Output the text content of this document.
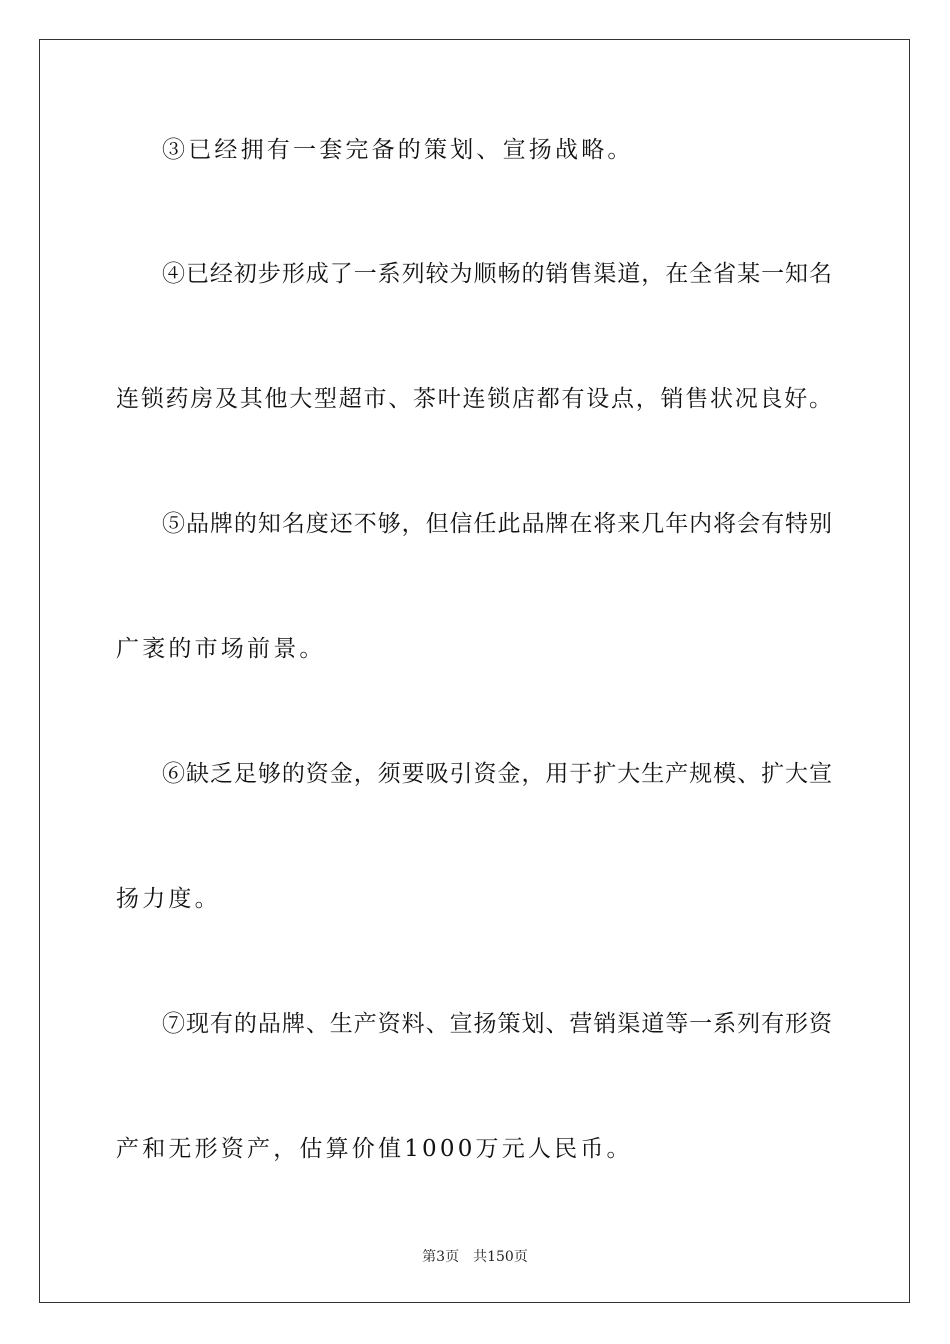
③已经拥有一套完备的策划、宣扬战略。
④已经初步形成了一系列较为顺畅的销售渠道，在全省某一知名
连锁药房及其他大型超市、茶叶连锁店都有设点，销售状况良好。
⑤品牌的知名度还不够，但信任此品牌在将来几年内将会有特别
广袤的市场前景。
⑥缺乏足够的资金，须要吸引资金，用于扩大生产规模、扩大宣
扬力度。
⑦现有的品牌、生产资料、宣扬策划、营销渠道等一系列有形资
产和无形资产，估算价值1000万元人民币。
第3页 共150页
